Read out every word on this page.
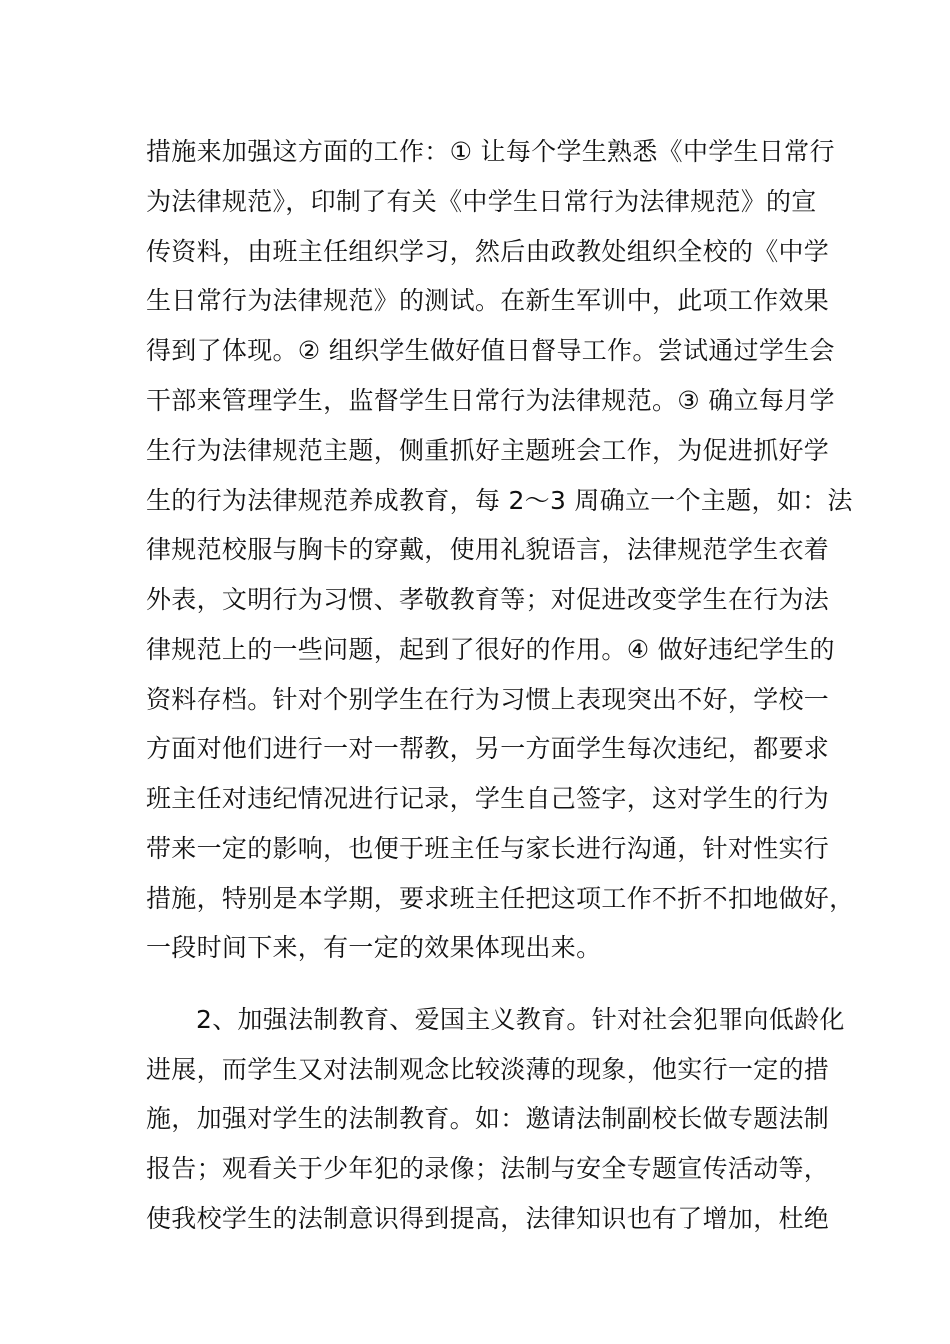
措施来加强这方面的工作：① 让每个学生熟悉《中学生日常行
为法律规范》，印制了有关《中学生日常行为法律规范》的宣
传资料，由班主任组织学习，然后由政教处组织全校的《中学
生日常行为法律规范》的测试。在新生军训中，此项工作效果
得到了体现。② 组织学生做好值日督导工作。尝试通过学生会
干部来管理学生，监督学生日常行为法律规范。③ 确立每月学
生行为法律规范主题，侧重抓好主题班会工作，为促进抓好学
生的行为法律规范养成教育，每 2～3 周确立一个主题，如：法
律规范校服与胸卡的穿戴，使用礼貌语言，法律规范学生衣着
外表，文明行为习惯、孝敬教育等；对促进改变学生在行为法
律规范上的一些问题，起到了很好的作用。④ 做好违纪学生的
资料存档。针对个别学生在行为习惯上表现突出不好，学校一
方面对他们进行一对一帮教，另一方面学生每次违纪，都要求
班主任对违纪情况进行记录，学生自己签字，这对学生的行为
带来一定的影响，也便于班主任与家长进行沟通，针对性实行
措施，特别是本学期，要求班主任把这项工作不折不扣地做好，
一段时间下来，有一定的效果体现出来。
2、加强法制教育、爱国主义教育。针对社会犯罪向低龄化
进展，而学生又对法制观念比较淡薄的现象，他实行一定的措
施，加强对学生的法制教育。如：邀请法制副校长做专题法制
报告；观看关于少年犯的录像；法制与安全专题宣传活动等，
使我校学生的法制意识得到提高，法律知识也有了增加，杜绝
